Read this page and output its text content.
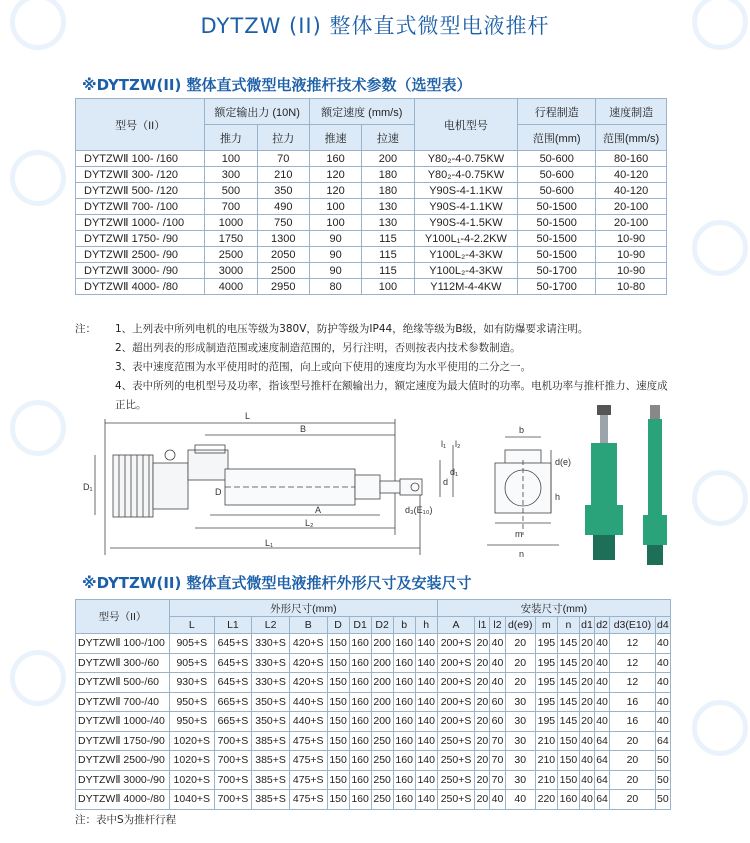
DYTZW (II) 整体直式微型电液推杆
※DYTZW(II) 整体直式微型电液推杆技术参数（选型表）
型号（II）	额定输出力 (10N)		额定速度 (mm/s)		电机型号	行程制造	速度制造
	推力	拉力	推速	拉速		范围(mm)	范围(mm/s)
DYTZWⅡ 100- /160	100	70	160	200	Y80₂-4-0.75KW	50-600	80-160
DYTZWⅡ 300- /120	300	210	120	180	Y80₂-4-0.75KW	50-600	40-120
DYTZWⅡ 500- /120	500	350	120	180	Y90S-4-1.1KW	50-600	40-120
DYTZWⅡ 700- /100	700	490	100	130	Y90S-4-1.1KW	50-1500	20-100
DYTZWⅡ 1000- /100	1000	750	100	130	Y90S-4-1.5KW	50-1500	20-100
DYTZWⅡ 1750- /90	1750	1300	90	115	Y100L₁-4-2.2KW	50-1500	10-90
DYTZWⅡ 2500- /90	2500	2050	90	115	Y100L₂-4-3KW	50-1500	10-90
DYTZWⅡ 3000- /90	3000	2500	90	115	Y100L₂-4-3KW	50-1700	10-90
DYTZWⅡ 4000- /80	4000	2950	80	100	Y112M-4-4KW	50-1700	10-80
注： 1、上列表中所列电机的电压等级为380V，防护等级为IP44，绝缘等级为B级，如有防爆要求请注明。
2、超出列表的形成制造范围或速度制造范围的，另行注明，否则按表内技术参数制造。
3、表中速度范围为水平使用时的范围，向上或向下使用的速度均为水平使用的二分之一。
4、表中所列的电机型号及功率，指该型号推杆在额输出力，额定速度为最大值时的功率。电机功率与推杆推力、速度成正比。
L
B
D₁	D
A
L₂
L₁
l₂
l₁
d
d₁
d₃(E₁₀)
b
h
m
n
d(e)
※DYTZW(II) 整体直式微型电液推杆外形尺寸及安装尺寸
型号（II）	外形尺寸(mm)									安装尺寸(mm)									
	L	L1	L2	B	D	D1	D2	b	h	A	l1	l2	d(e9)	m	n	d1	d2	d3(E10)	d4
DYTZWⅡ 100-/100	905+S	645+S	330+S	420+S	150	160	200	160	140	200+S	20	40	20	195	145	20	40	12	40
DYTZWⅡ 300-/60	905+S	645+S	330+S	420+S	150	160	200	160	140	200+S	20	40	20	195	145	20	40	12	40
DYTZWⅡ 500-/60	930+S	645+S	330+S	420+S	150	160	200	160	140	200+S	20	40	20	195	145	20	40	12	40
DYTZWⅡ 700-/40	950+S	665+S	350+S	440+S	150	160	200	160	140	200+S	20	60	30	195	145	20	40	16	40
DYTZWⅡ 1000-/40	950+S	665+S	350+S	440+S	150	160	200	160	140	200+S	20	60	30	195	145	20	40	16	40
DYTZWⅡ 1750-/90	1020+S	700+S	385+S	475+S	150	160	250	160	140	250+S	20	70	30	210	150	40	64	20	64
DYTZWⅡ 2500-/90	1020+S	700+S	385+S	475+S	150	160	250	160	140	250+S	20	70	30	210	150	40	64	20	50
DYTZWⅡ 3000-/90	1020+S	700+S	385+S	475+S	150	160	250	160	140	250+S	20	70	30	210	150	40	64	20	50
DYTZWⅡ 4000-/80	1040+S	700+S	385+S	475+S	150	160	250	160	140	250+S	20	40	40	220	160	40	64	20	50
注：表中S为推杆行程
